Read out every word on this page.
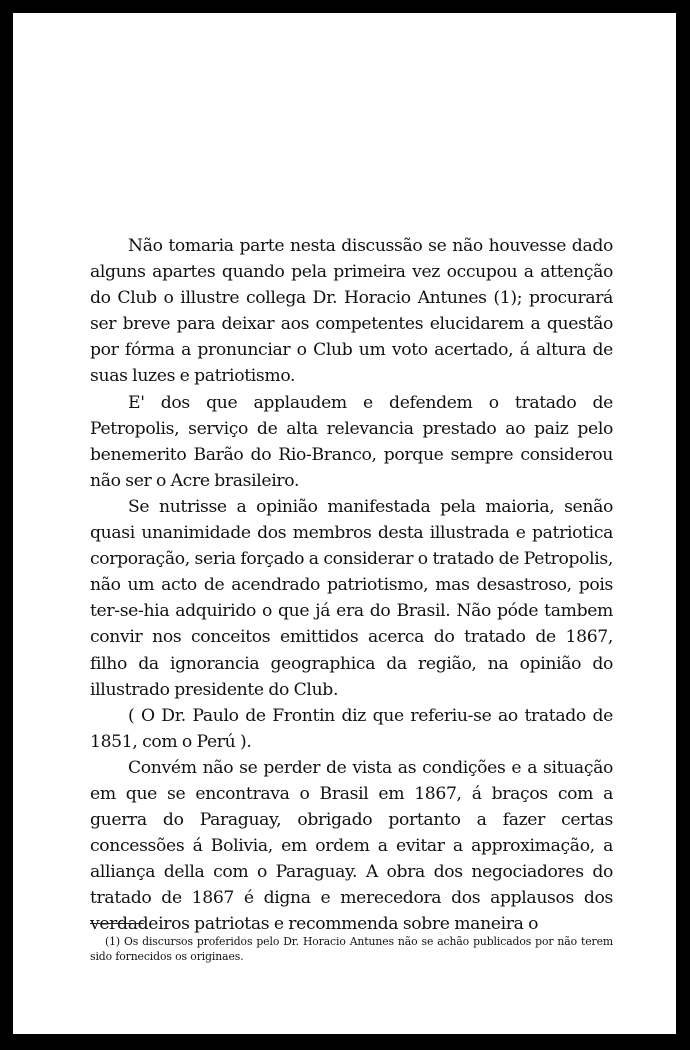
Não tomaria parte nesta discussão se não houvesse dado alguns apartes quando pela primeira vez occupou a attenção do Club o illustre collega Dr. Horacio Antunes (1); procurará ser breve para deixar aos competentes elucidarem a questão por fórma a pronunciar o Club um voto acertado, á altura de suas luzes e patriotismo.

E' dos que applaudem e defendem o tratado de Petropolis, serviço de alta relevancia prestado ao paiz pelo benemerito Barão do Rio-Branco, porque sempre considerou não ser o Acre brasileiro.

Se nutrisse a opinião manifestada pela maioria, senão quasi unanimidade dos membros desta illustrada e patriotica corporação, seria forçado a considerar o tratado de Petropolis, não um acto de acendrado patriotismo, mas desastroso, pois ter-se-hia adquirido o que já era do Brasil. Não póde tambem convir nos conceitos emittidos acerca do tratado de 1867, filho da ignorancia geographica da região, na opinião do illustrado presidente do Club.

( O Dr. Paulo de Frontin diz que referiu-se ao tratado de 1851, com o Perú ).

Convém não se perder de vista as condições e a situação em que se encontrava o Brasil em 1867, á braços com a guerra do Paraguay, obrigado portanto a fazer certas concessões á Bolivia, em ordem a evitar a approximação, a alliança della com o Paraguay. A obra dos negociadores do tratado de 1867 é digna e merecedora dos applausos dos verdadeiros patriotas e recommenda sobre maneira o

(1) Os discursos proferidos pelo Dr. Horacio Antunes não se achão publicados por não terem sido fornecidos os originaes.
